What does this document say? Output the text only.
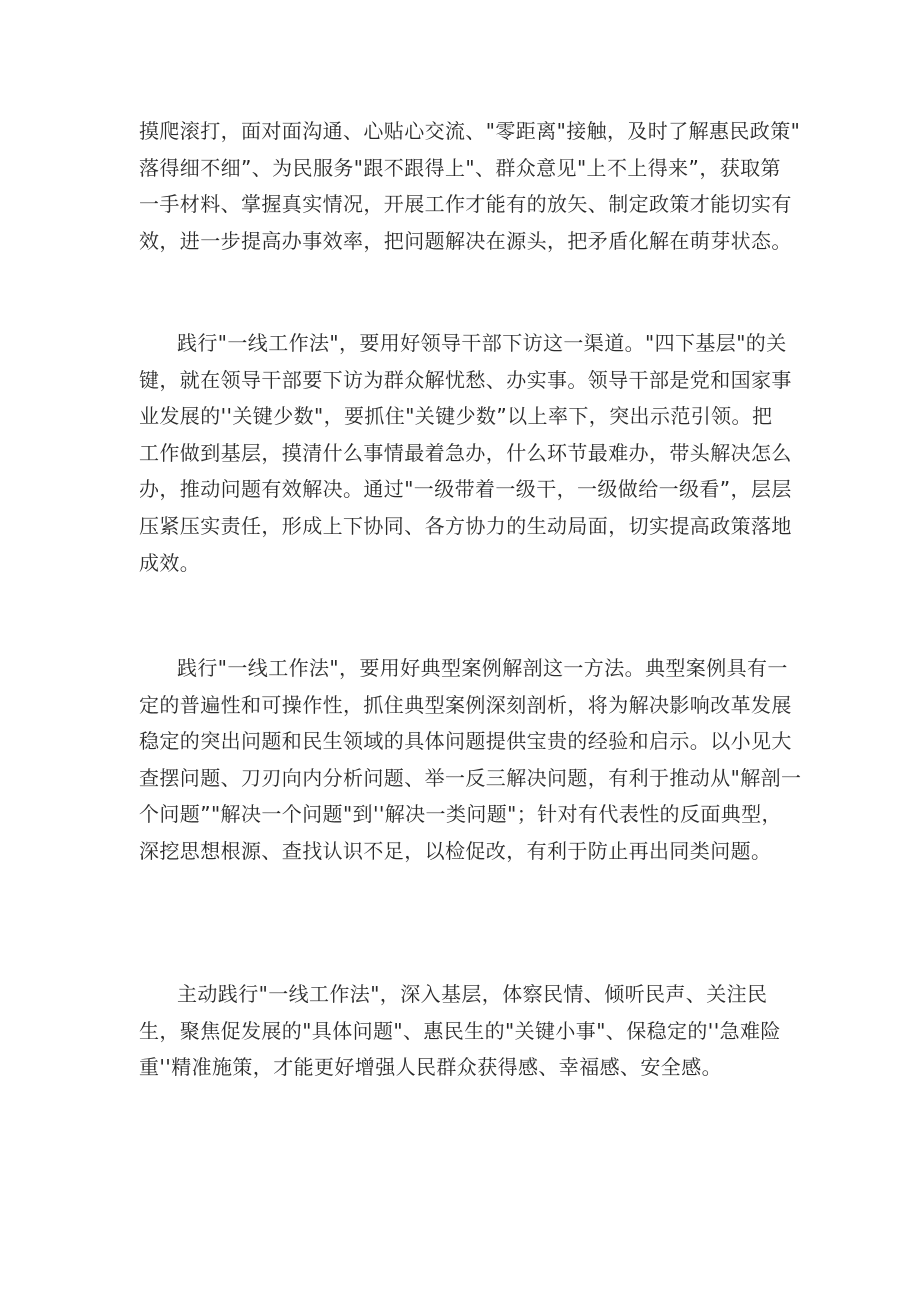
摸爬滚打，面对面沟通、心贴心交流、"零距离"接触，及时了解惠民政策"
落得细不细”、为民服务"跟不跟得上"、群众意见"上不上得来”，获取第
一手材料、掌握真实情况，开展工作才能有的放矢、制定政策才能切实有
效，进一步提高办事效率，把问题解决在源头，把矛盾化解在萌芽状态。

践行"一线工作法"，要用好领导干部下访这一渠道。"四下基层"的关
键，就在领导干部要下访为群众解忧愁、办实事。领导干部是党和国家事
业发展的''关键少数"，要抓住"关键少数”以上率下，突出示范引领。把
工作做到基层，摸清什么事情最着急办，什么环节最难办，带头解决怎么
办，推动问题有效解决。通过"一级带着一级干，一级做给一级看”，层层
压紧压实责任，形成上下协同、各方协力的生动局面，切实提高政策落地
成效。

践行"一线工作法"，要用好典型案例解剖这一方法。典型案例具有一
定的普遍性和可操作性，抓住典型案例深刻剖析，将为解决影响改革发展
稳定的突出问题和民生领域的具体问题提供宝贵的经验和启示。以小见大
查摆问题、刀刃向内分析问题、举一反三解决问题，有利于推动从"解剖一
个问题”"解决一个问题"到''解决一类问题"；针对有代表性的反面典型，
深挖思想根源、查找认识不足，以检促改，有利于防止再出同类问题。

主动践行"一线工作法"，深入基层，体察民情、倾听民声、关注民
生，聚焦促发展的"具体问题"、惠民生的"关键小事"、保稳定的''急难险
重''精准施策，才能更好增强人民群众获得感、幸福感、安全感。
